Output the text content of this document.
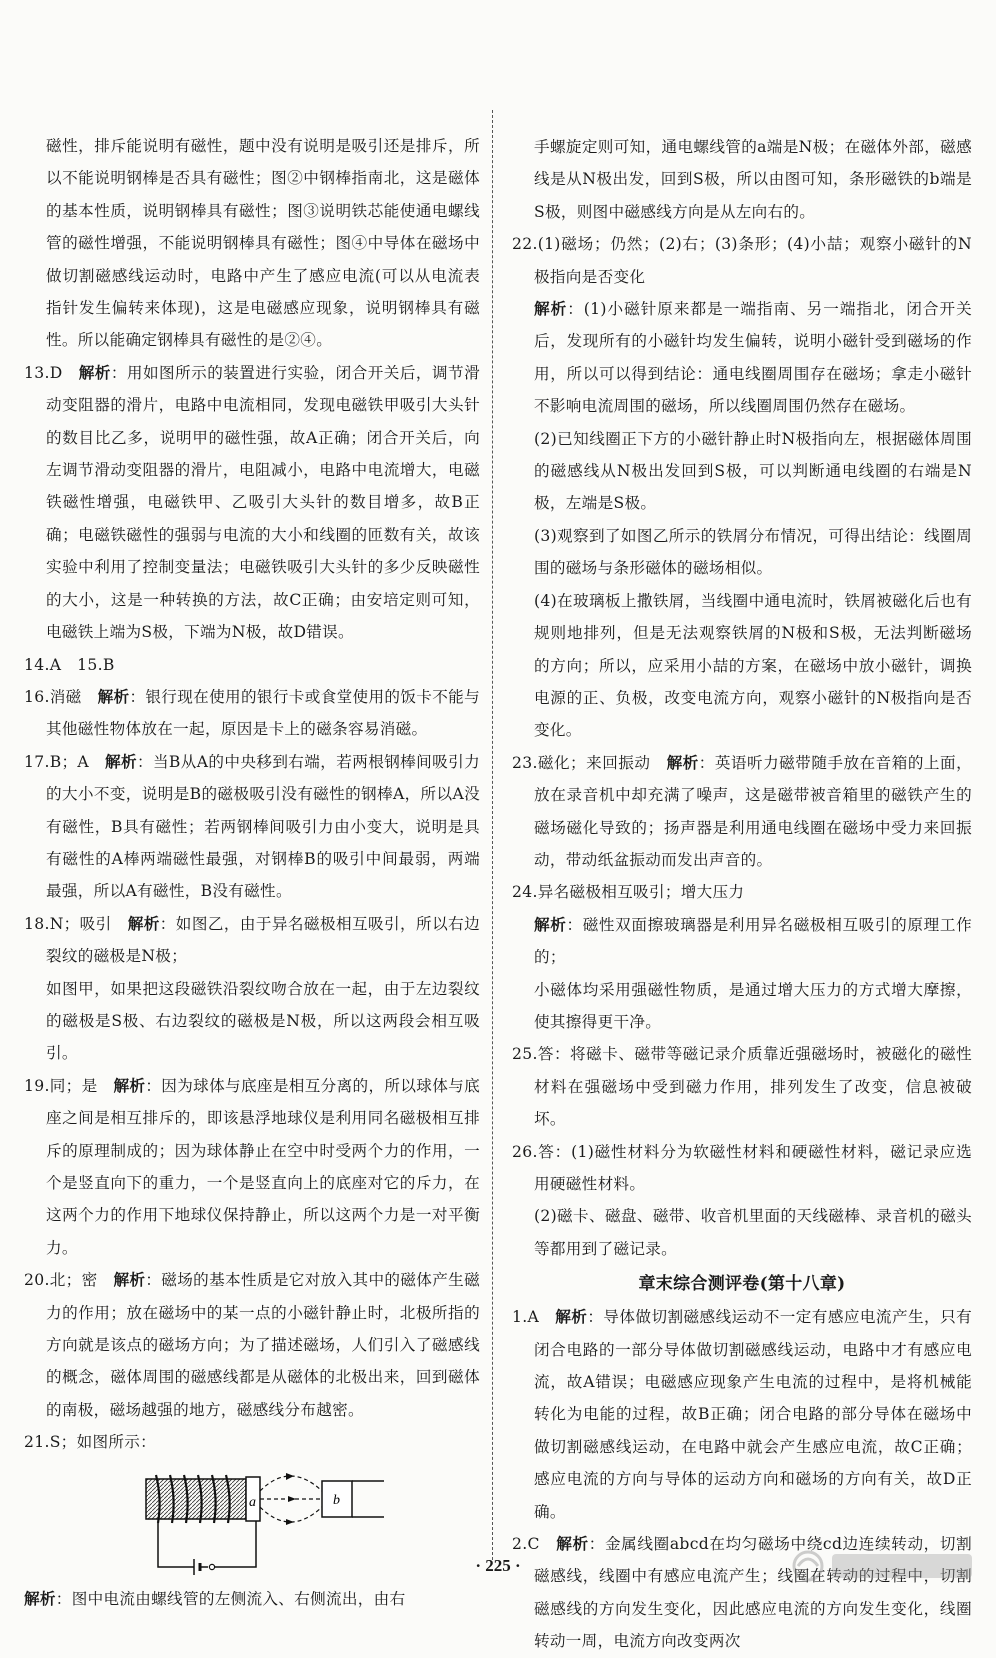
磁性，排斥能说明有磁性，题中没有说明是吸引还是排斥，所以不能说明钢棒是否具有磁性；图②中钢棒指南北，这是磁体的基本性质，说明钢棒具有磁性；图③说明铁芯能使通电螺线管的磁性增强，不能说明钢棒具有磁性；图④中导体在磁场中做切割磁感线运动时，电路中产生了感应电流(可以从电流表指针发生偏转来体现)，这是电磁感应现象，说明钢棒具有磁性。所以能确定钢棒具有磁性的是②④。

13.D　 解析：用如图所示的装置进行实验，闭合开关后，调节滑动变阻器的滑片，电路中电流相同，发现电磁铁甲吸引大头针的数目比乙多，说明甲的磁性强，故A正确；闭合开关后，向左调节滑动变阻器的滑片，电阻减小，电路中电流增大，电磁铁磁性增强，电磁铁甲、乙吸引大头针的数目增多，故B正确；电磁铁磁性的强弱与电流的大小和线圈的匝数有关，故该实验中利用了控制变量法；电磁铁吸引大头针的多少反映磁性的大小，这是一种转换的方法，故C正确；由安培定则可知，电磁铁上端为S极，下端为N极，故D错误。

14.A　15.B

16.消磁　 解析：银行现在使用的银行卡或食堂使用的饭卡不能与其他磁性物体放在一起，原因是卡上的磁条容易消磁。

17.B；A　 解析：当B从A的中央移到右端，若两根钢棒间吸引力的大小不变，说明是B的磁极吸引没有磁性的钢棒A，所以A没有磁性，B具有磁性；若两钢棒间吸引力由小变大，说明是具有磁性的A棒两端磁性最强，对钢棒B的吸引中间最弱，两端最强，所以A有磁性，B没有磁性。

18.N；吸引　 解析：如图乙，由于异名磁极相互吸引，所以右边裂纹的磁极是N极；

如图甲，如果把这段磁铁沿裂纹吻合放在一起，由于左边裂纹的磁极是S极、右边裂纹的磁极是N极，所以这两段会相互吸引。

19.同；是　 解析：因为球体与底座是相互分离的，所以球体与底座之间是相互排斥的，即该悬浮地球仪是利用同名磁极相互排斥的原理制成的；因为球体静止在空中时受两个力的作用，一个是竖直向下的重力，一个是竖直向上的底座对它的斥力，在这两个力的作用下地球仪保持静止，所以这两个力是一对平衡力。

20.北；密　 解析：磁场的基本性质是它对放入其中的磁体产生磁力的作用；放在磁场中的某一点的小磁针静止时，北极所指的方向就是该点的磁场方向；为了描述磁场，人们引入了磁感线的概念，磁体周围的磁感线都是从磁体的北极出来，回到磁体的南极，磁场越强的地方，磁感线分布越密。

21.S；如图所示：

a	b

解析：图中电流由螺线管的左侧流入、右侧流出，由右

手螺旋定则可知，通电螺线管的a端是N极；在磁体外部，磁感线是从N极出发，回到S极，所以由图可知，条形磁铁的b端是S极，则图中磁感线方向是从左向右的。

22.(1)磁场；仍然；(2)右；(3)条形；(4)小喆；观察小磁针的N极指向是否变化

解析：(1)小磁针原来都是一端指南、另一端指北，闭合开关后，发现所有的小磁针均发生偏转，说明小磁针受到磁场的作用，所以可以得到结论：通电线圈周围存在磁场；拿走小磁针不影响电流周围的磁场，所以线圈周围仍然存在磁场。

(2)已知线圈正下方的小磁针静止时N极指向左，根据磁体周围的磁感线从N极出发回到S极，可以判断通电线圈的右端是N极，左端是S极。

(3)观察到了如图乙所示的铁屑分布情况，可得出结论：线圈周围的磁场与条形磁体的磁场相似。

(4)在玻璃板上撒铁屑，当线圈中通电流时，铁屑被磁化后也有规则地排列，但是无法观察铁屑的N极和S极，无法判断磁场的方向；所以，应采用小喆的方案，在磁场中放小磁针，调换电源的正、负极，改变电流方向，观察小磁针的N极指向是否变化。

23.磁化；来回振动　 解析：英语听力磁带随手放在音箱的上面，放在录音机中却充满了噪声，这是磁带被音箱里的磁铁产生的磁场磁化导致的；扬声器是利用通电线圈在磁场中受力来回振动，带动纸盆振动而发出声音的。

24.异名磁极相互吸引；增大压力

解析：磁性双面擦玻璃器是利用异名磁极相互吸引的原理工作的；

小磁体均采用强磁性物质，是通过增大压力的方式增大摩擦，使其擦得更干净。

25.答：将磁卡、磁带等磁记录介质靠近强磁场时，被磁化的磁性材料在强磁场中受到磁力作用，排列发生了改变，信息被破坏。

26.答：(1)磁性材料分为软磁性材料和硬磁性材料，磁记录应选用硬磁性材料。

(2)磁卡、磁盘、磁带、收音机里面的天线磁棒、录音机的磁头等都用到了磁记录。

章末综合测评卷(第十八章)

1.A　 解析：导体做切割磁感线运动不一定有感应电流产生，只有闭合电路的一部分导体做切割磁感线运动，电路中才有感应电流，故A错误；电磁感应现象产生电流的过程中，是将机械能转化为电能的过程，故B正确；闭合电路的部分导体在磁场中做切割磁感线运动，在电路中就会产生感应电流，故C正确；感应电流的方向与导体的运动方向和磁场的方向有关，故D正确。

2.C　 解析：金属线圈abcd在均匀磁场中绕cd边连续转动，切割磁感线，线圈中有感应电流产生；线圈在转动的过程中，切割磁感线的方向发生变化，因此感应电流的方向发生变化，线圈转动一周，电流方向改变两次

· 225 ·
